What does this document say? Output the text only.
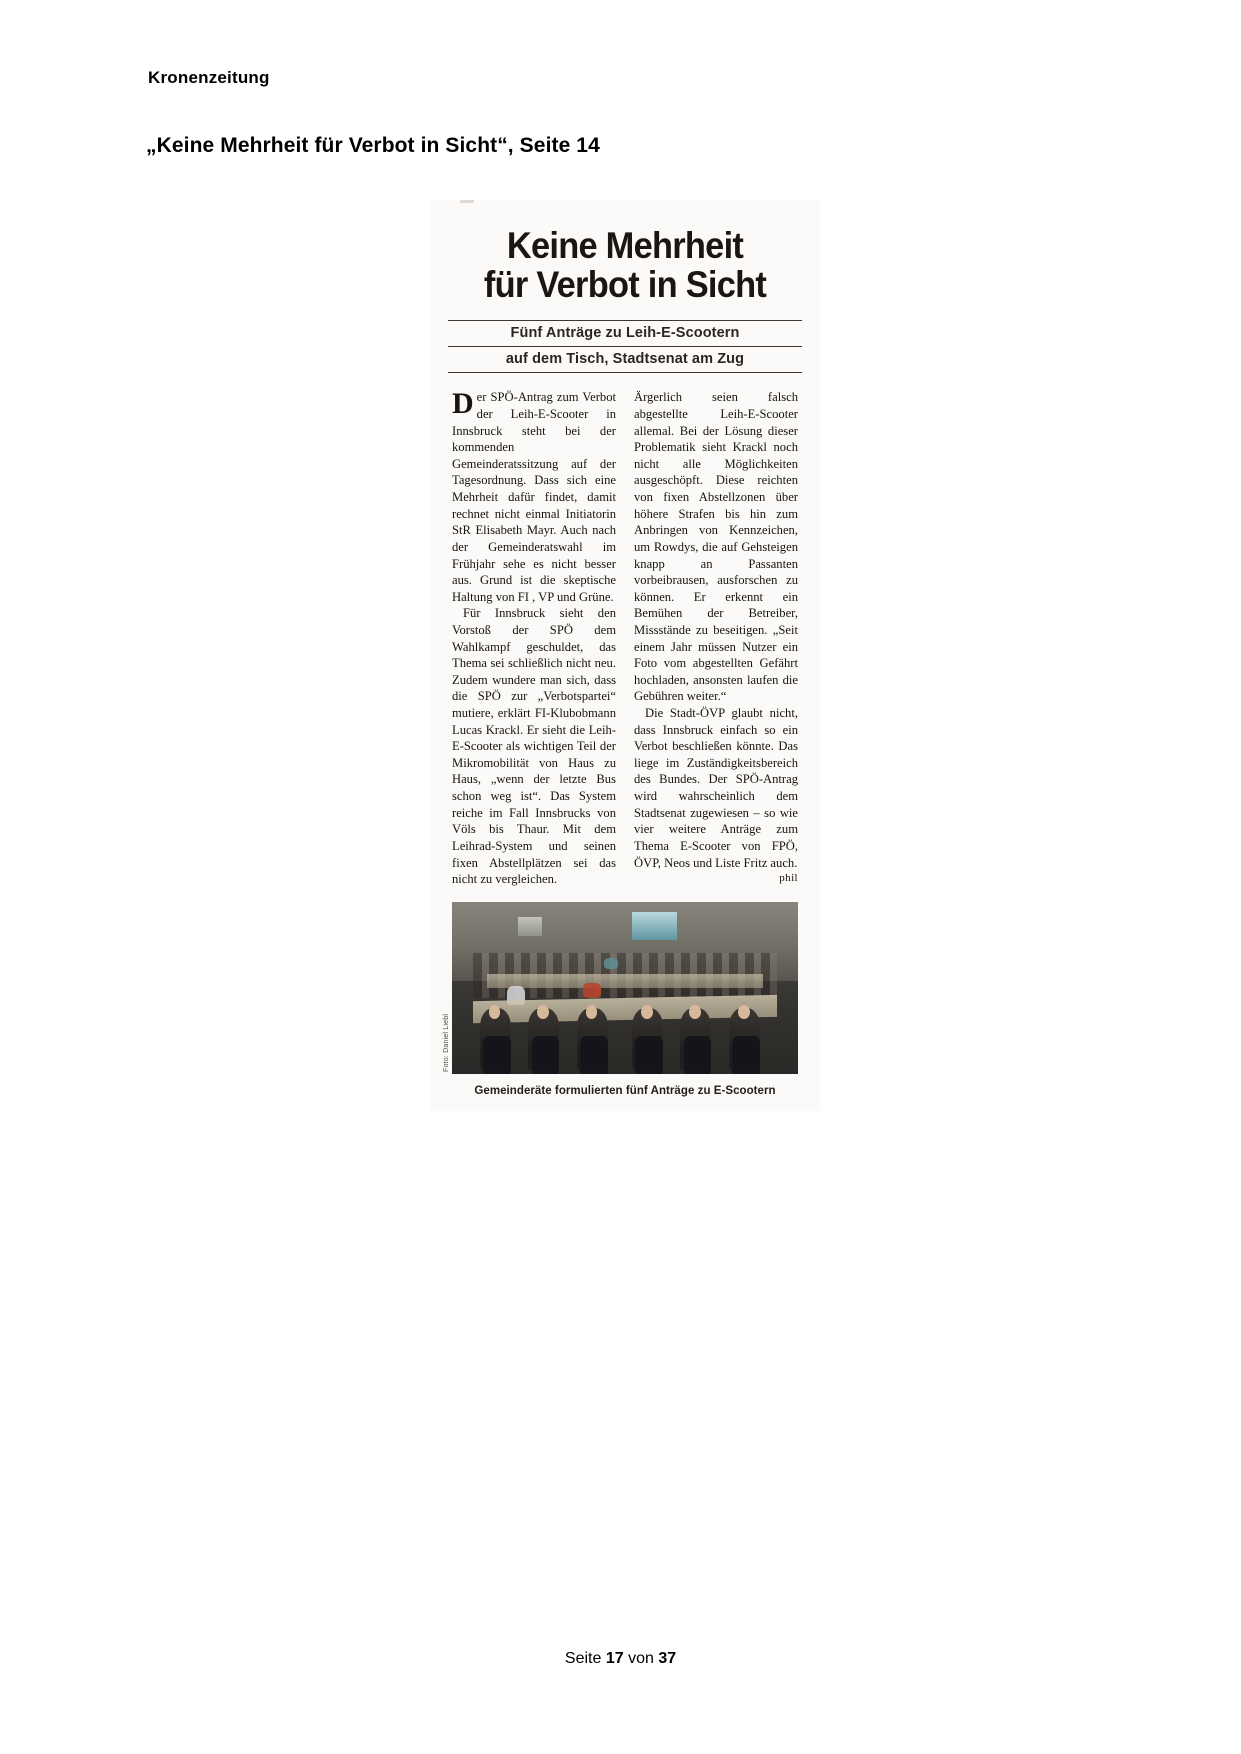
Kronenzeitung
„Keine Mehrheit für Verbot in Sicht“, Seite 14
Keine Mehrheit
für Verbot in Sicht
Fünf Anträge zu Leih-E-Scootern
auf dem Tisch, Stadtsenat am Zug

Der SPÖ-Antrag zum Verbot der Leih-E-Scooter in Innsbruck steht bei der kommenden Gemeinderatssitzung auf der Tagesordnung. Dass sich eine Mehrheit dafür findet, damit rechnet nicht einmal Initiatorin StR Elisabeth Mayr. Auch nach der Gemeinderatswahl im Frühjahr sehe es nicht besser aus. Grund ist die skeptische Haltung von FI , VP und Grüne.

Für Innsbruck sieht den Vorstoß der SPÖ dem Wahlkampf geschuldet, das Thema sei schließlich nicht neu. Zudem wundere man sich, dass die SPÖ zur „Verbotspartei“ mutiere, erklärt FI-Klubobmann Lucas Krackl. Er sieht die Leih-E-Scooter als wichtigen Teil der Mikromobilität von Haus zu Haus, „wenn der letzte Bus schon weg ist“. Das System reiche im Fall Innsbrucks von Völs bis Thaur. Mit dem Leihrad-System und seinen fixen Abstellplätzen sei das nicht zu vergleichen.

Ärgerlich seien falsch abgestellte Leih-E-Scooter allemal. Bei der Lösung dieser Problematik sieht Krackl noch nicht alle Möglichkeiten ausgeschöpft. Diese reichten von fixen Abstellzonen über höhere Strafen bis hin zum Anbringen von Kennzeichen, um Rowdys, die auf Gehsteigen knapp an Passanten vorbeibrausen, ausforschen zu können. Er erkennt ein Bemühen der Betreiber, Missstände zu beseitigen. „Seit einem Jahr müssen Nutzer ein Foto vom abgestellten Gefährt hochladen, ansonsten laufen die Gebühren weiter.“

Die Stadt-ÖVP glaubt nicht, dass Innsbruck einfach so ein Verbot beschließen könnte. Das liege im Zuständigkeitsbereich des Bundes. Der SPÖ-Antrag wird wahrscheinlich dem Stadtsenat zugewiesen – so wie vier weitere Anträge zum Thema E-Scooter von FPÖ, ÖVP, Neos und Liste Fritz auch.

phil
Foto: Daniel Liebl
Gemeinderäte formulierten fünf Anträge zu E-Scootern
Seite 17 von 37
